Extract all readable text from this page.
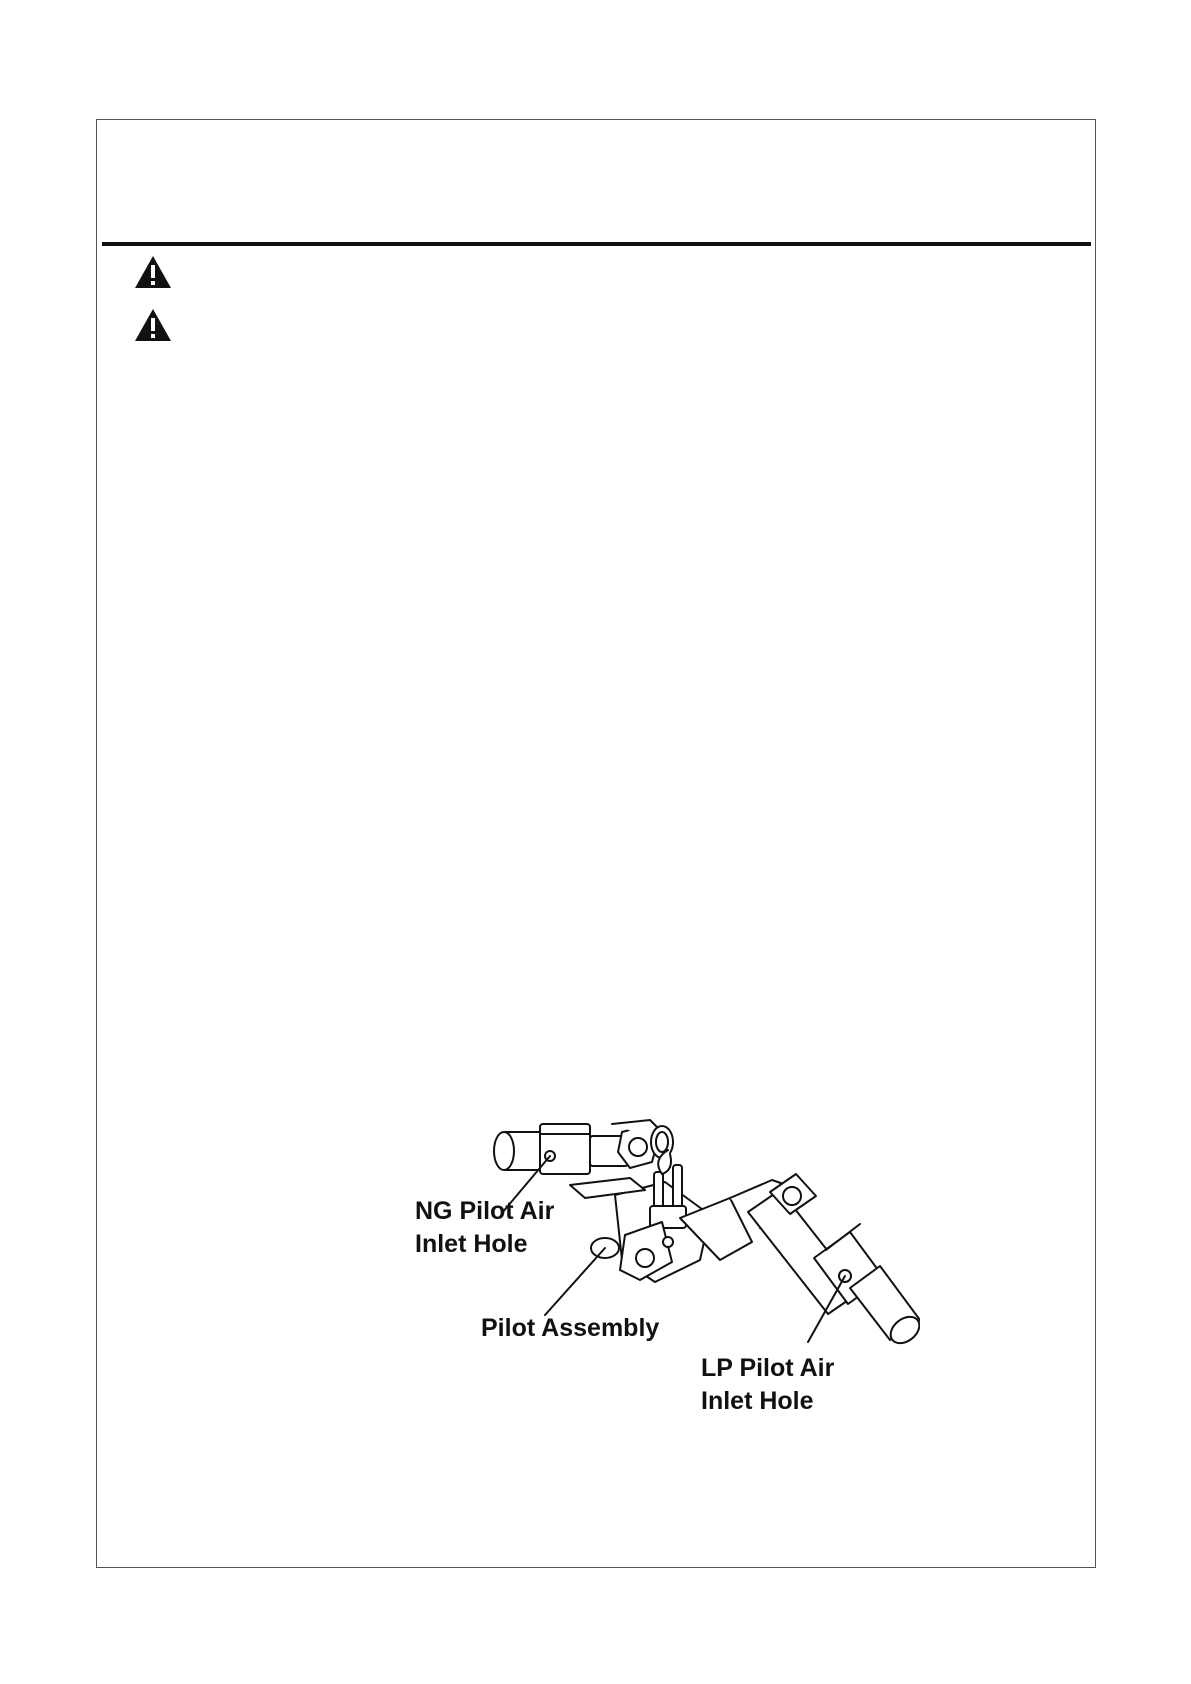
NG Pilot Air
Inlet Hole
Pilot Assembly
LP Pilot Air
Inlet Hole
